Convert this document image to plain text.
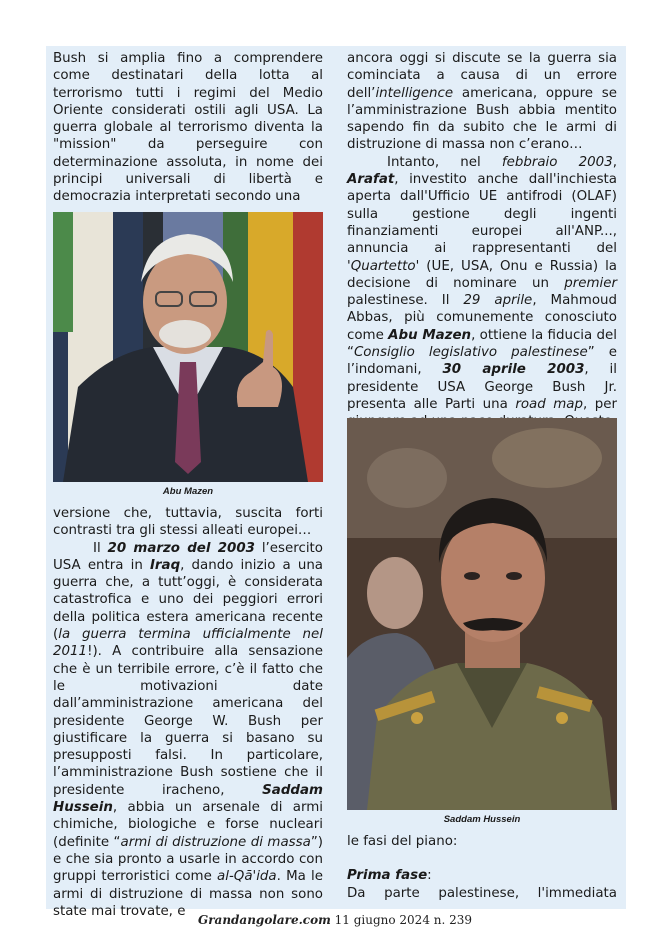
Bush si amplia fino a comprendere come destinatari della lotta al terrorismo tutti i regimi del Medio Oriente considerati ostili agli USA. La guerra globale al terrorismo diventa la "mission" da perseguire con determinazione assoluta, in nome dei principi universali di libertà e democrazia interpretati secondo una

Abu Mazen

versione che, tuttavia, suscita forti contrasti tra gli stessi alleati europei…

Il 20 marzo del 2003 l’esercito USA entra in Iraq, dando inizio a una guerra che, a tutt’oggi, è considerata catastrofica e uno dei peggiori errori della politica estera americana recente (la guerra termina ufficialmente nel 2011!). A contribuire alla sensazione che è un terribile errore, c’è il fatto che le motivazioni date dall’amministrazione americana del presidente George W. Bush per giustificare la guerra si basano su presupposti falsi. In particolare, l’amministrazione Bush sostiene che il presidente iracheno, Saddam Hussein, abbia un arsenale di armi chimiche, biologiche e forse nucleari (definite “armi di distruzione di massa”) e che sia pronto a usarle in accordo con gruppi terroristici come al-Qā'ida. Ma le armi di distruzione di massa non sono state mai trovate, e

ancora oggi si discute se la guerra sia cominciata a causa di un errore dell’intelligence americana, oppure se l’amministrazione Bush abbia mentito sapendo fin da subito che le armi di distruzione di massa non c’erano…

Intanto, nel febbraio 2003, Arafat, investito anche dall'inchiesta aperta dall'Ufficio UE antifrodi (OLAF) sulla gestione degli ingenti finanziamenti europei all'ANP..., annuncia ai rappresentanti del 'Quartetto' (UE, USA, Onu e Russia) la decisione di nominare un premier palestinese. Il 29 aprile, Mahmoud Abbas, più comunemente conosciuto come Abu Mazen, ottiene la fiducia del “Consiglio legislativo palestinese” e l’indomani, 30 aprile 2003, il presidente USA George Bush Jr. presenta alle Parti una road map, per

Saddam Hussein

le fasi del piano:

Prima fase:

Da parte palestinese, l'immediata

Grandangolare.com 11 giugno 2024 n. 239
